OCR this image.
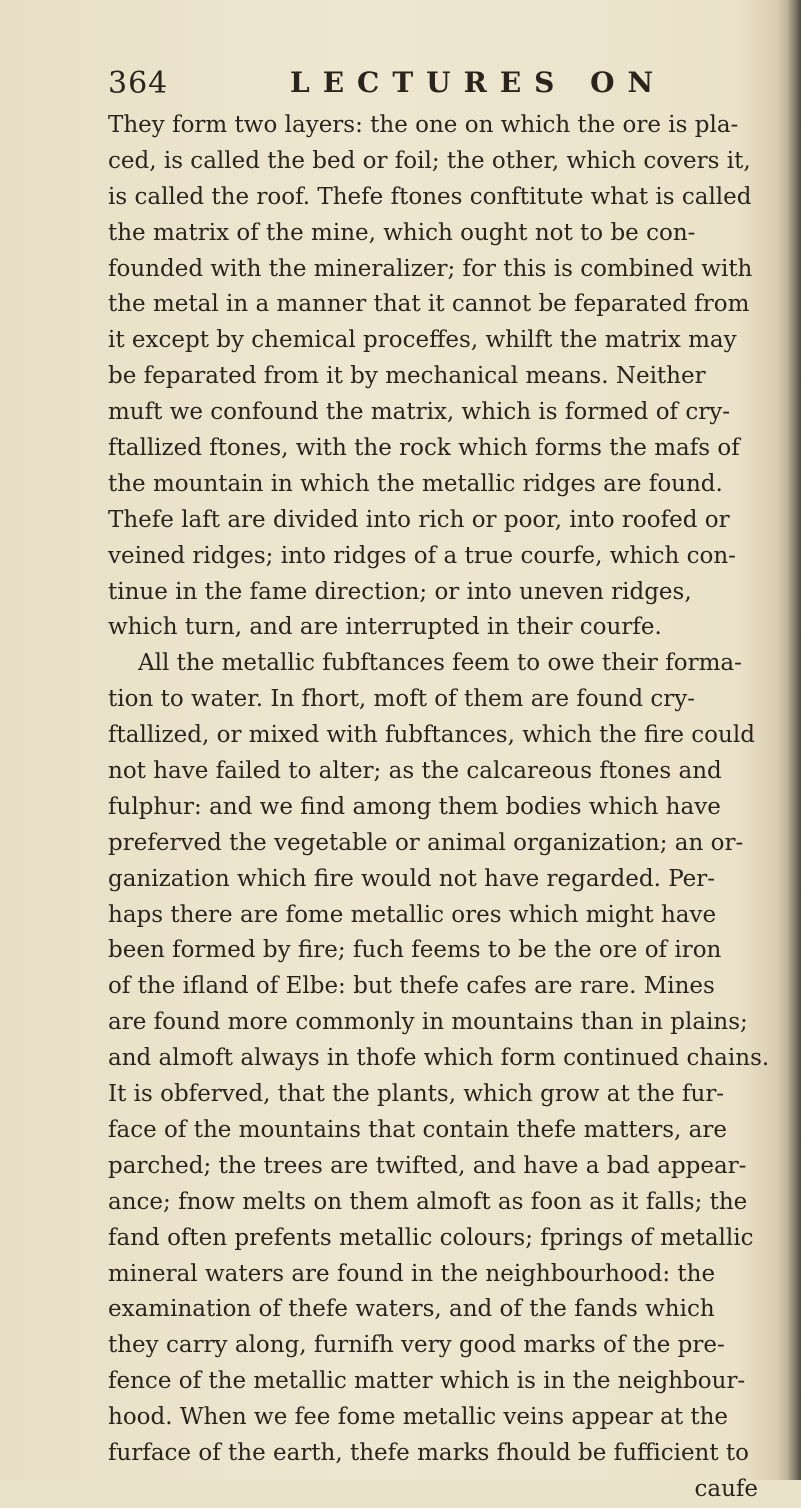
364	LECTURES ON
They form two layers: the one on which the ore is pla-
ced, is called the bed or foil; the other, which covers it,
is called the roof. Thefe ftones conftitute what is called
the matrix of the mine, which ought not to be con-
founded with the mineralizer; for this is combined with
the metal in a manner that it cannot be feparated from
it except by chemical proceffes, whilft the matrix may
be feparated from it by mechanical means. Neither
muft we confound the matrix, which is formed of cry-
ftallized ftones, with the rock which forms the mafs of
the mountain in which the metallic ridges are found.
Thefe laft are divided into rich or poor, into roofed or
veined ridges; into ridges of a true courfe, which con-
tinue in the fame direction; or into uneven ridges,
which turn, and are interrupted in their courfe.
All the metallic fubftances feem to owe their forma-
tion to water. In fhort, moft of them are found cry-
ftallized, or mixed with fubftances, which the fire could
not have failed to alter; as the calcareous ftones and
fulphur: and we find among them bodies which have
preferved the vegetable or animal organization; an or-
ganization which fire would not have regarded. Per-
haps there are fome metallic ores which might have
been formed by fire; fuch feems to be the ore of iron
of the ifland of Elbe: but thefe cafes are rare. Mines
are found more commonly in mountains than in plains;
and almoft always in thofe which form continued chains.
It is obferved, that the plants, which grow at the fur-
face of the mountains that contain thefe matters, are
parched; the trees are twifted, and have a bad appear-
ance; fnow melts on them almoft as foon as it falls; the
fand often prefents metallic colours; fprings of metallic
mineral waters are found in the neighbourhood: the
examination of thefe waters, and of the fands which
they carry along, furnifh very good marks of the pre-
fence of the metallic matter which is in the neighbour-
hood. When we fee fome metallic veins appear at the
furface of the earth, thefe marks fhould be fufficient to
caufe
